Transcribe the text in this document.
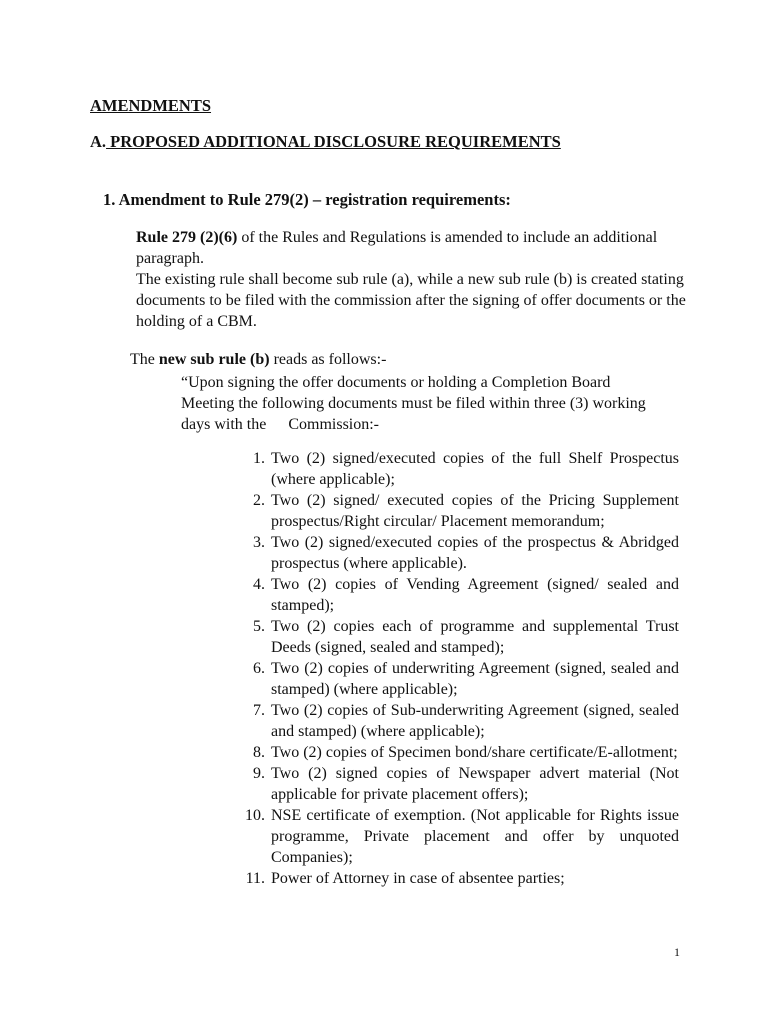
AMENDMENTS
A. PROPOSED ADDITIONAL DISCLOSURE REQUIREMENTS
1. Amendment to Rule 279(2) – registration requirements:
Rule 279 (2)(6) of the Rules and Regulations is amended to include an additional paragraph.
The existing rule shall become sub rule (a), while a new sub rule (b) is created stating documents to be filed with the commission after the signing of offer documents or the holding of a CBM.
The new sub rule (b) reads as follows:-
“Upon signing the offer documents or holding a Completion Board Meeting the following documents must be filed within three (3) working days with the Commission:-
1. Two (2) signed/executed copies of the full Shelf Prospectus (where applicable);
2. Two (2) signed/ executed copies of the Pricing Supplement prospectus/Right circular/ Placement memorandum;
3. Two (2) signed/executed copies of the prospectus & Abridged prospectus (where applicable).
4. Two (2) copies of Vending Agreement (signed/ sealed and stamped);
5. Two (2) copies each of programme and supplemental Trust Deeds (signed, sealed and stamped);
6. Two (2) copies of underwriting Agreement (signed, sealed and stamped) (where applicable);
7. Two (2) copies of Sub-underwriting Agreement (signed, sealed and stamped) (where applicable);
8. Two (2) copies of Specimen bond/share certificate/E-allotment;
9. Two (2) signed copies of Newspaper advert material (Not applicable for private placement offers);
10. NSE certificate of exemption. (Not applicable for Rights issue programme, Private placement and offer by unquoted Companies);
11. Power of Attorney in case of absentee parties;
1
